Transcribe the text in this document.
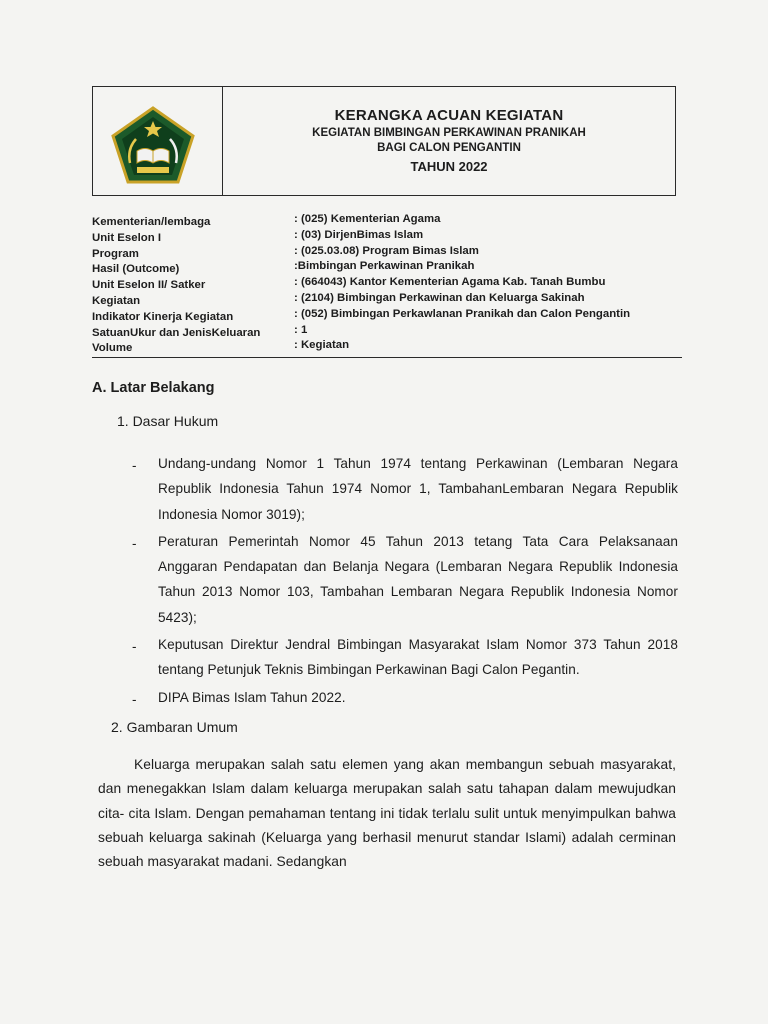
KERANGKA ACUAN KEGIATAN
KEGIATAN BIMBINGAN PERKAWINAN PRANIKAH
BAGI CALON PENGANTIN
TAHUN 2022
Kementerian/lembaga	: (025) Kementerian Agama
Unit Eselon I	: (03) DirjenBimas Islam
Program	: (025.03.08) Program Bimas Islam
Hasil (Outcome)	:Bimbingan Perkawinan Pranikah
Unit Eselon II/ Satker	: (664043) Kantor Kementerian Agama Kab. Tanah Bumbu
Kegiatan	: (2104) Bimbingan Perkawinan dan Keluarga Sakinah
Indikator Kinerja Kegiatan	: (052) Bimbingan Perkawlanan Pranikah dan Calon Pengantin
SatuanUkur dan JenisKeluaran	: 1
Volume	: Kegiatan
A. Latar Belakang
1. Dasar Hukum
- Undang-undang Nomor 1 Tahun 1974 tentang Perkawinan (Lembaran Negara Republik Indonesia Tahun 1974 Nomor 1, TambahanLembaran Negara Republik Indonesia Nomor 3019);
- Peraturan Pemerintah Nomor 45 Tahun 2013 tetang Tata Cara Pelaksanaan Anggaran Pendapatan dan Belanja Negara (Lembaran Negara Republik Indonesia Tahun 2013 Nomor 103, Tambahan Lembaran Negara Republik Indonesia Nomor 5423);
- Keputusan Direktur Jendral Bimbingan Masyarakat Islam Nomor 373 Tahun 2018 tentang Petunjuk Teknis Bimbingan Perkawinan Bagi Calon Pegantin.
- DIPA Bimas Islam Tahun 2022.
2. Gambaran Umum
Keluarga merupakan salah satu elemen yang akan membangun sebuah masyarakat, dan menegakkan Islam dalam keluarga merupakan salah satu tahapan dalam mewujudkan cita- cita Islam. Dengan pemahaman tentang ini tidak terlalu sulit untuk menyimpulkan bahwa sebuah keluarga sakinah (Keluarga yang berhasil menurut standar Islami) adalah cerminan sebuah masyarakat madani. Sedangkan
